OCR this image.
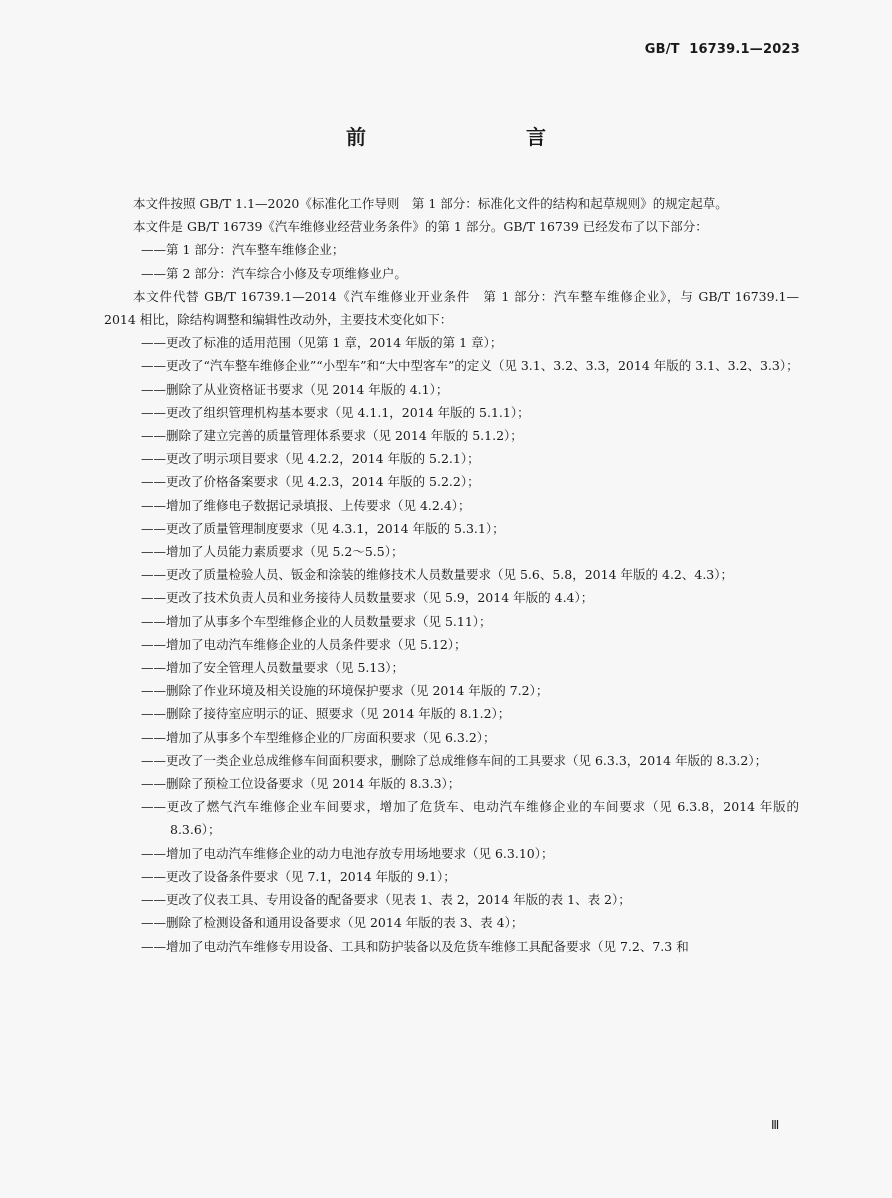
GB/T  16739.1—2023
前　　言

本文件按照 GB/T 1.1—2020《标准化工作导则　第 1 部分：标准化文件的结构和起草规则》的规定起草。

本文件是 GB/T 16739《汽车维修业经营业务条件》的第 1 部分。GB/T 16739 已经发布了以下部分：

——第 1 部分：汽车整车维修企业；

——第 2 部分：汽车综合小修及专项维修业户。

本文件代替 GB/T 16739.1—2014《汽车维修业开业条件　第 1 部分：汽车整车维修企业》，与 GB/T 16739.1—2014 相比，除结构调整和编辑性改动外，主要技术变化如下：

——更改了标准的适用范围（见第 1 章，2014 年版的第 1 章）；

——更改了“汽车整车维修企业”“小型车”和“大中型客车”的定义（见 3.1、3.2、3.3，2014 年版的 3.1、3.2、3.3）；

——删除了从业资格证书要求（见 2014 年版的 4.1）；

——更改了组织管理机构基本要求（见 4.1.1，2014 年版的 5.1.1）；

——删除了建立完善的质量管理体系要求（见 2014 年版的 5.1.2）；

——更改了明示项目要求（见 4.2.2，2014 年版的 5.2.1）；

——更改了价格备案要求（见 4.2.3，2014 年版的 5.2.2）；

——增加了维修电子数据记录填报、上传要求（见 4.2.4）；

——更改了质量管理制度要求（见 4.3.1，2014 年版的 5.3.1）；

——增加了人员能力素质要求（见 5.2～5.5）；

——更改了质量检验人员、钣金和涂装的维修技术人员数量要求（见 5.6、5.8，2014 年版的 4.2、4.3）；

——更改了技术负责人员和业务接待人员数量要求（见 5.9，2014 年版的 4.4）；

——增加了从事多个车型维修企业的人员数量要求（见 5.11）；

——增加了电动汽车维修企业的人员条件要求（见 5.12）；

——增加了安全管理人员数量要求（见 5.13）；

——删除了作业环境及相关设施的环境保护要求（见 2014 年版的 7.2）；

——删除了接待室应明示的证、照要求（见 2014 年版的 8.1.2）；

——增加了从事多个车型维修企业的厂房面积要求（见 6.3.2）；

——更改了一类企业总成维修车间面积要求，删除了总成维修车间的工具要求（见 6.3.3，2014 年版的 8.3.2）；

——删除了预检工位设备要求（见 2014 年版的 8.3.3）；

——更改了燃气汽车维修企业车间要求，增加了危货车、电动汽车维修企业的车间要求（见 6.3.8，2014 年版的 8.3.6）；

——增加了电动汽车维修企业的动力电池存放专用场地要求（见 6.3.10）；

——更改了设备条件要求（见 7.1，2014 年版的 9.1）；

——更改了仪表工具、专用设备的配备要求（见表 1、表 2，2014 年版的表 1、表 2）；

——删除了检测设备和通用设备要求（见 2014 年版的表 3、表 4）；

——增加了电动汽车维修专用设备、工具和防护装备以及危货车维修工具配备要求（见 7.2、7.3 和

Ⅲ
